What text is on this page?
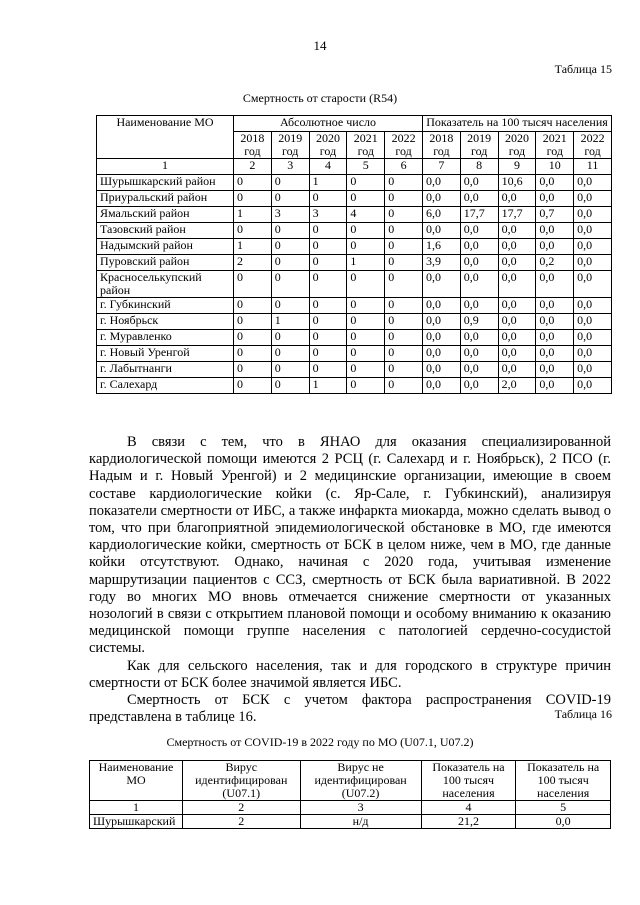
14
Таблица 15
Смертность от старости (R54)
Наименование МО	Абсолютное число					Показатель на 100 тысяч населения				
	2018 год	2019 год	2020 год	2021 год	2022 год	2018 год	2019 год	2020 год	2021 год	2022 год
1	2	3	4	5	6	7	8	9	10	11
Шурышкарский район	0	0	1	0	0	0,0	0,0	10,6	0,0	0,0
Приуральский район	0	0	0	0	0	0,0	0,0	0,0	0,0	0,0
Ямальский район	1	3	3	4	0	6,0	17,7	17,7	0,7	0,0
Тазовский район	0	0	0	0	0	0,0	0,0	0,0	0,0	0,0
Надымский район	1	0	0	0	0	1,6	0,0	0,0	0,0	0,0
Пуровский район	2	0	0	1	0	3,9	0,0	0,0	0,2	0,0
Красноселькупский район	0	0	0	0	0	0,0	0,0	0,0	0,0	0,0
г. Губкинский	0	0	0	0	0	0,0	0,0	0,0	0,0	0,0
г. Ноябрьск	0	1	0	0	0	0,0	0,9	0,0	0,0	0,0
г. Муравленко	0	0	0	0	0	0,0	0,0	0,0	0,0	0,0
г. Новый Уренгой	0	0	0	0	0	0,0	0,0	0,0	0,0	0,0
г. Лабытнанги	0	0	0	0	0	0,0	0,0	0,0	0,0	0,0
г. Салехард	0	0	1	0	0	0,0	0,0	2,0	0,0	0,0

В связи с тем, что в ЯНАО для оказания специализированной кардиологической помощи имеются 2 РСЦ (г. Салехард и г. Ноябрьск), 2 ПСО (г. Надым и г. Новый Уренгой) и 2 медицинские организации, имеющие в своем составе кардиологические койки (с. Яр-Сале, г. Губкинский), анализируя показатели смертности от ИБС, а также инфаркта миокарда, можно сделать вывод о том, что при благоприятной эпидемиологической обстановке в МО, где имеются кардиологические койки, смертность от БСК в целом ниже, чем в МО, где данные койки отсутствуют. Однако, начиная с 2020 года, учитывая изменение маршрутизации пациентов с ССЗ, смертность от БСК была вариативной. В 2022 году во многих МО вновь отмечается снижение смертности от указанных нозологий в связи с открытием плановой помощи и особому вниманию к оказанию медицинской помощи группе населения с патологией сердечно-сосудистой системы.

Как для сельского населения, так и для городского в структуре причин смертности от БСК более значимой является ИБС.

Смертность от БСК с учетом фактора распространения COVID-19 представлена в таблице 16.	Таблица 16
Смертность от COVID-19 в 2022 году по МО (U07.1, U07.2)
Наименование МО	Вирус идентифицирован (U07.1)	Вирус не идентифицирован (U07.2)	Показатель на 100 тысяч населения	Показатель на 100 тысяч населения
1	2	3	4	5
Шурышкарский	2	н/д	21,2	0,0
